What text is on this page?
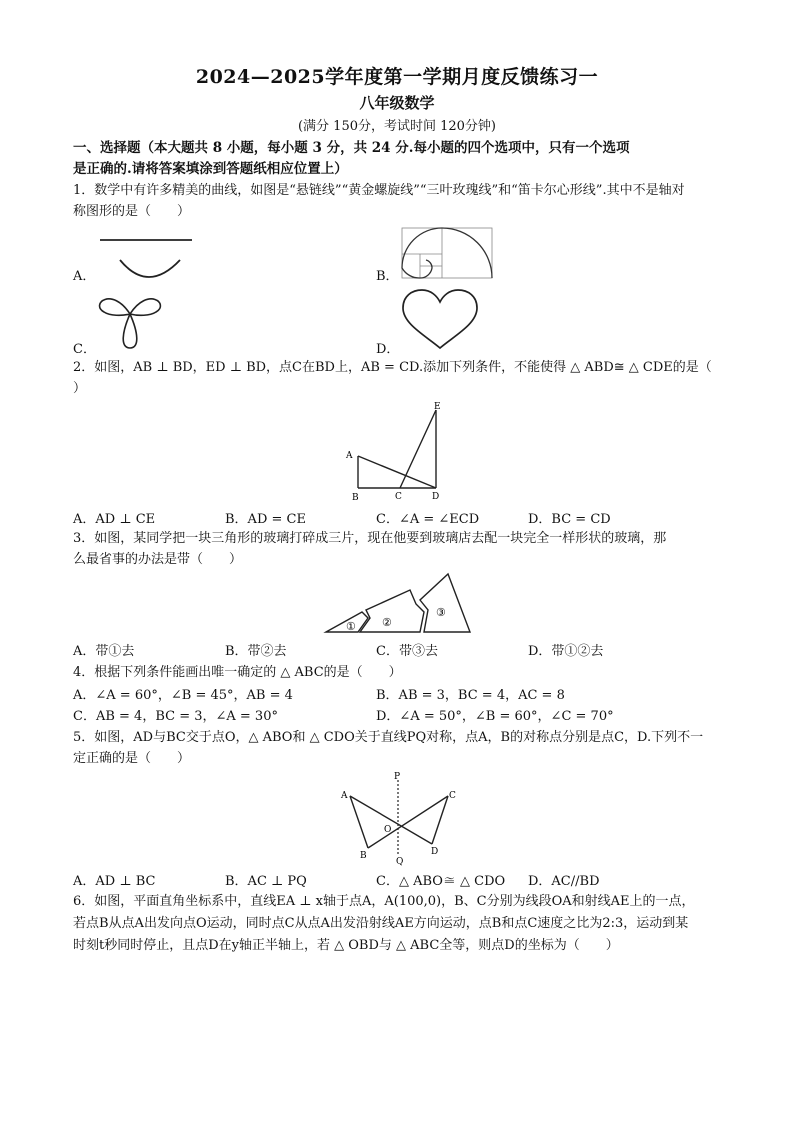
2024—2025学年度第一学期月度反馈练习一
八年级数学
(满分 150分，考试时间 120分钟)
一、选择题（本大题共 8 小题，每小题 3 分，共 24 分.每小题的四个选项中，只有一个选项
是正确的.请将答案填涂到答题纸相应位置上）
1．数学中有许多精美的曲线，如图是“悬链线”“黄金螺旋线”“三叶玫瑰线”和“笛卡尔心形线”.其中不是轴对
称图形的是（　　）
A．	B．
C．	D．
2．如图，AB ⊥ BD，ED ⊥ BD，点C在BD上，AB = CD.添加下列条件，不能使得 △ ABD≅ △ CDE的是（
）
A
B	C	D
E
A．AD ⊥ CE	B．AD = CE	C．∠A = ∠ECD	D．BC = CD
3．如图，某同学把一块三角形的玻璃打碎成三片，现在他要到玻璃店去配一块完全一样形状的玻璃，那
么最省事的办法是带（　　）
① ②
③
A．带①去	B．带②去	C．带③去	D．带①②去
4．根据下列条件能画出唯一确定的 △ ABC的是（　　）
A．∠A = 60°，∠B = 45°，AB = 4	B．AB = 3，BC = 4，AC = 8
C．AB = 4，BC = 3，∠A = 30°	D．∠A = 50°，∠B = 60°，∠C = 70°
5．如图，AD与BC交于点O，△ ABO和 △ CDO关于直线PQ对称，点A，B的对称点分别是点C，D.下列不一
定正确的是（　　）
P
A	C
O
B	D
Q
A．AD ⊥ BC	B．AC ⊥ PQ	C．△ ABO≅ △ CDO D．AC//BD
6．如图，平面直角坐标系中，直线EA ⊥ x轴于点A，A(100,0)，B、C分别为线段OA和射线AE上的一点，
若点B从点A出发向点O运动，同时点C从点A出发沿射线AE方向运动，点B和点C速度之比为2:3，运动到某
时刻t秒同时停止，且点D在y轴正半轴上，若 △ OBD与 △ ABC全等，则点D的坐标为（　　）
